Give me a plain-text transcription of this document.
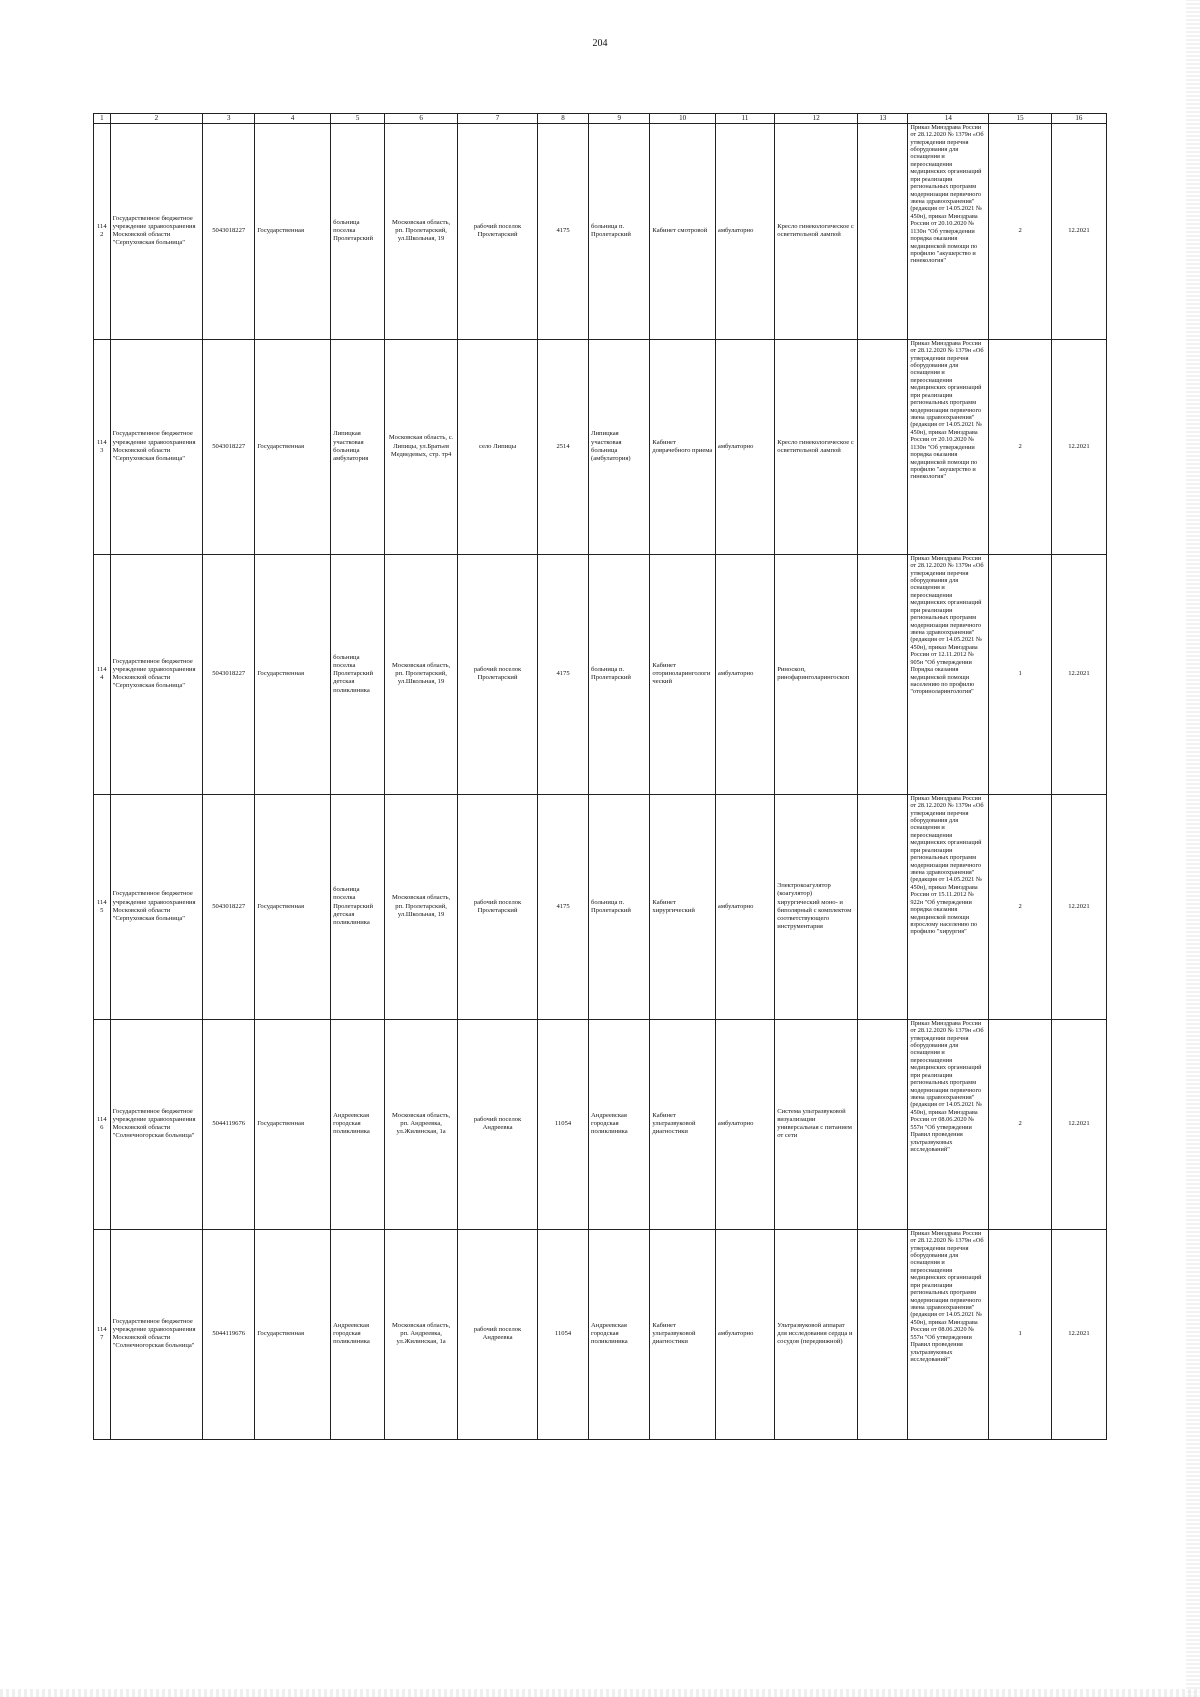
204
1	2	3	4	5	6	7	8	9	10	11	12	13	14	15	16
1142	Государственное бюджетное учреждение здравоохранения Московской области "Серпуховская больница"	5043018227	Государственная	больница поселка Пролетарский	Московская область, рп. Пролетарский, ул.Школьная, 19	рабочий поселок Пролетарский	4175	больница п. Пролетарский	Кабинет смотровой	амбулаторно	Кресло гинекологическое с осветительной лампой		Приказ Минздрава России от 28.12.2020 № 1379н «Об утверждении перечня оборудования для оснащения и переоснащения медицинских организаций при реализации региональных программ модернизации первичного звена здравоохранения"(редакция от 14.05.2021 № 450н), приказ Минздрава России от 20.10.2020 № 1130н "Об утверждении порядка оказания медицинской помощи по профилю "акушерство и гинекология"	2	12.2021
1143	Государственное бюджетное учреждение здравоохранения Московской области "Серпуховская больница"	5043018227	Государственная	Липицкая участковая больница амбулатория	Московская область, с. Липицы, ул.Братьев Медведевых, стр. тр4	село Липицы	2514	Липицкая участковая больница (амбулатория)	Кабинет доврачебного приема	амбулаторно	Кресло гинекологическое с осветительной лампой		Приказ Минздрава России от 28.12.2020 № 1379н «Об утверждении перечня оборудования для оснащения и переоснащения медицинских организаций при реализации региональных программ модернизации первичного звена здравоохранения"(редакция от 14.05.2021 № 450н), приказ Минздрава России от 20.10.2020 № 1130н "Об утверждении порядка оказания медицинской помощи по профилю "акушерство и гинекология"	2	12.2021
1144	Государственное бюджетное учреждение здравоохранения Московской области "Серпуховская больница"	5043018227	Государственная	больница поселка Пролетарский детская поликлиника	Московская область, рп. Пролетарский, ул.Школьная, 19	рабочий поселок Пролетарский	4175	больница п. Пролетарский	Кабинет оториноларингологический	амбулаторно	Риноскоп, ринофаринголарингоскоп		Приказ Минздрава России от 28.12.2020 № 1379н «Об утверждении перечня оборудования для оснащения и переоснащения медицинских организаций при реализации региональных программ модернизации первичного звена здравоохранения"(редакция от 14.05.2021 № 450н), приказ Минздрава России от 12.11.2012 № 905н "Об утверждении Порядка оказания медицинской помощи населению по профилю "оториноларингология"	1	12.2021
1145	Государственное бюджетное учреждение здравоохранения Московской области "Серпуховская больница"	5043018227	Государственная	больница поселка Пролетарский детская поликлиника	Московская область, рп. Пролетарский, ул.Школьная, 19	рабочий поселок Пролетарский	4175	больница п. Пролетарский	Кабинет хирургический	амбулаторно	Электрокоагулятор (коагулятор) хирургический моно- и биполярный с комплектом соответствующего инструментария		Приказ Минздрава России от 28.12.2020 № 1379н «Об утверждении перечня оборудования для оснащения и переоснащения медицинских организаций при реализации региональных программ модернизации первичного звена здравоохранения"(редакция от 14.05.2021 № 450н), приказ Минздрава России от 15.11.2012 № 922н "Об утверждении порядка оказания медицинской помощи взрослому населению по профилю "хирургия"	2	12.2021
1146	Государственное бюджетное учреждение здравоохранения Московской области "Солнечногорская больница"	5044119676	Государственная	Андреевская городская поликлиника	Московская область, рп. Андреевка, ул.Жилинская, 1а	рабочий поселок Андреевка	11054	Андреевская городская поликлиника	Кабинет ультразвуковой диагностики	амбулаторно	Система ультразвуковой визуализации универсальная с питанием от сети		Приказ Минздрава России от 28.12.2020 № 1379н «Об утверждении перечня оборудования для оснащения и переоснащения медицинских организаций при реализации региональных программ модернизации первичного звена здравоохранения"(редакция от 14.05.2021 № 450н), приказ Минздрава России от 08.06.2020 № 557н "Об утверждении Правил проведения ультразвуковых исследований"	2	12.2021
1147	Государственное бюджетное учреждение здравоохранения Московской области "Солнечногорская больница"	5044119676	Государственная	Андреевская городская поликлиника	Московская область, рп. Андреевка, ул.Жилинская, 1а	рабочий поселок Андреевка	11054	Андреевская городская поликлиника	Кабинет ультразвуковой диагностики	амбулаторно	Ультразвуковой аппарат для исследования сердца и сосудов (передвижной)		Приказ Минздрава России от 28.12.2020 № 1379н «Об утверждении перечня оборудования для оснащения и переоснащения медицинских организаций при реализации региональных программ модернизации первичного звена здравоохранения"(редакция от 14.05.2021 № 450н), приказ Минздрава России от 08.06.2020 № 557н "Об утверждении Правил проведения ультразвуковых исследований"	1	12.2021
